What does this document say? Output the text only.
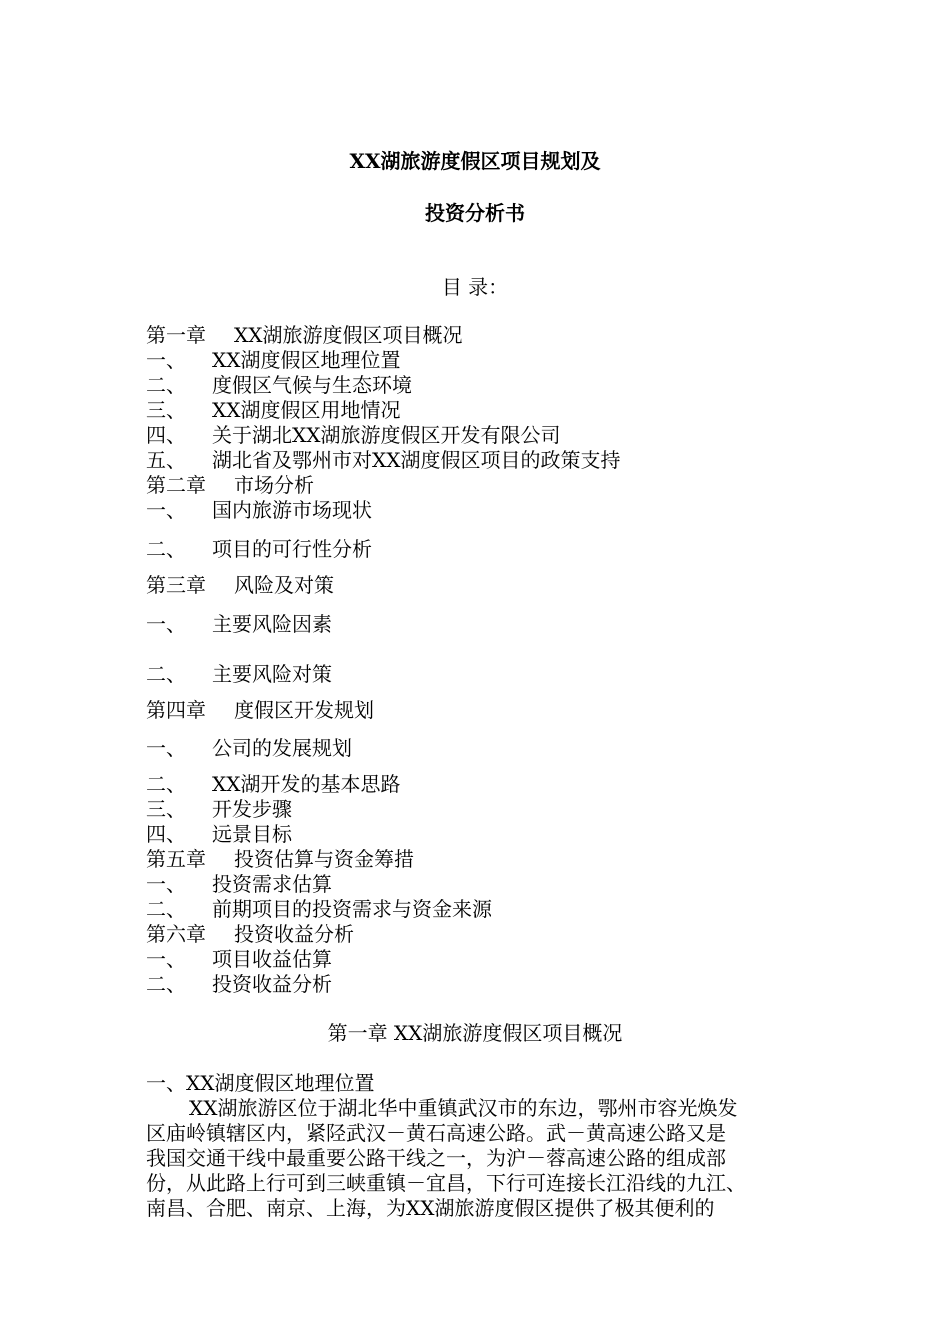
XX湖旅游度假区项目规划及
投资分析书
目 录：
第一章 XX湖旅游度假区项目概况
一、 XX湖度假区地理位置
二、 度假区气候与生态环境
三、 XX湖度假区用地情况
四、 关于湖北XX湖旅游度假区开发有限公司
五、 湖北省及鄂州市对XX湖度假区项目的政策支持
第二章 市场分析
一、 国内旅游市场现状
二、 项目的可行性分析
第三章 风险及对策
一、 主要风险因素
二、 主要风险对策
第四章 度假区开发规划
一、 公司的发展规划
二、 XX湖开发的基本思路
三、 开发步骤
四、 远景目标
第五章 投资估算与资金筹措
一、 投资需求估算
二、 前期项目的投资需求与资金来源
第六章 投资收益分析
一、 项目收益估算
二、 投资收益分析
第一章 XX湖旅游度假区项目概况
一、XX湖度假区地理位置
XX湖旅游区位于湖北华中重镇武汉市的东边，鄂州市容光焕发
区庙岭镇辖区内，紧陉武汉－黄石高速公路。武－黄高速公路又是
我国交通干线中最重要公路干线之一，为沪－蓉高速公路的组成部
份，从此路上行可到三峡重镇－宜昌，下行可连接长江沿线的九江、
南昌、合肥、南京、上海，为XX湖旅游度假区提供了极其便利的
